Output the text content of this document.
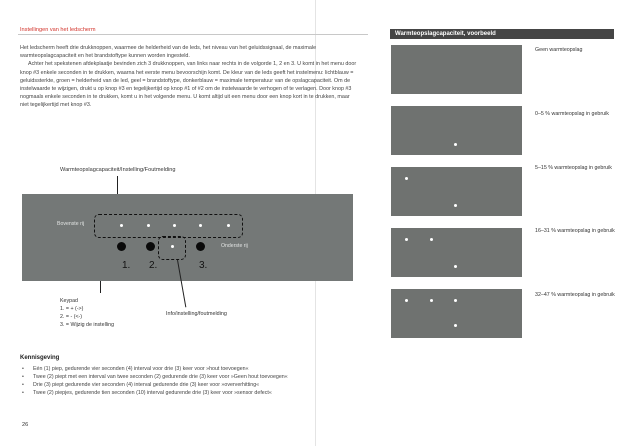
Instellingen van het ledscherm

Het ledscherm heeft drie drukknoppen, waarmee de helderheid van de leds, het niveau van het geluidssignaal, de maximale warmteopslagcapaciteit en het brandstoftype kunnen worden ingesteld.

Achter het spekstenen afdekplaatje bevinden zich 3 drukknoppen, van links naar rechts in de volgorde 1, 2 en 3. U komt in het menu door knop #3 enkele seconden in te drukken, waarna het eerste menu bevoorschijn komt. De kleur van de leds geeft het instelmenu: lichtblauw = geluidssterkte, groen = helderheid van de led, geel = brandstoftype, donkerblauw = maximale temperatuur van de opslagcapaciteit. Om de instelwaarde te wijzigen, drukt u op knop #3 en tegelijkertijd op knop #1 of #2 om de instelwaarde te verhogen of te verlagen. Door knop #3 nogmaals enkele seconden in te drukken, komt u in het volgende menu. U komt altijd uit een menu door een knop kort in te drukken, maar niet tegelijkertijd met knop #3.

Warmteopslagcapaciteit/Instelling/Foutmelding
Bovenste rij
Onderste rij
1. 2.	3.
Keypad
1. = + (->)
2. = - (<-)
3. = Wijzig de instelling
Info/instelling/foutmelding
Kennisgeving
• Eén (1) piep, gedurende vier seconden (4) interval voor drie (3) keer voor »hout toevoegen«
• Twee (2) piept met een interval van twee seconden (2) gedurende drie (3) keer voor »Geen hout toevoegen«
• Drie (3) piept gedurende vier seconden (4) interval gedurende drie (3) keer voor »oververhitting«
• Twee (2) piepjes, gedurende tien seconden (10) interval gedurende drie (3) keer voor »sensor defect«
26
Warmteopslagcapaciteit, voorbeeld
Geen warmteopslag
0–5 % warmteopslag in gebruik
5–15 % warmteopslag in gebruik
16–31 % warmteopslag in gebruik
32–47 % warmteopslag in gebruik
